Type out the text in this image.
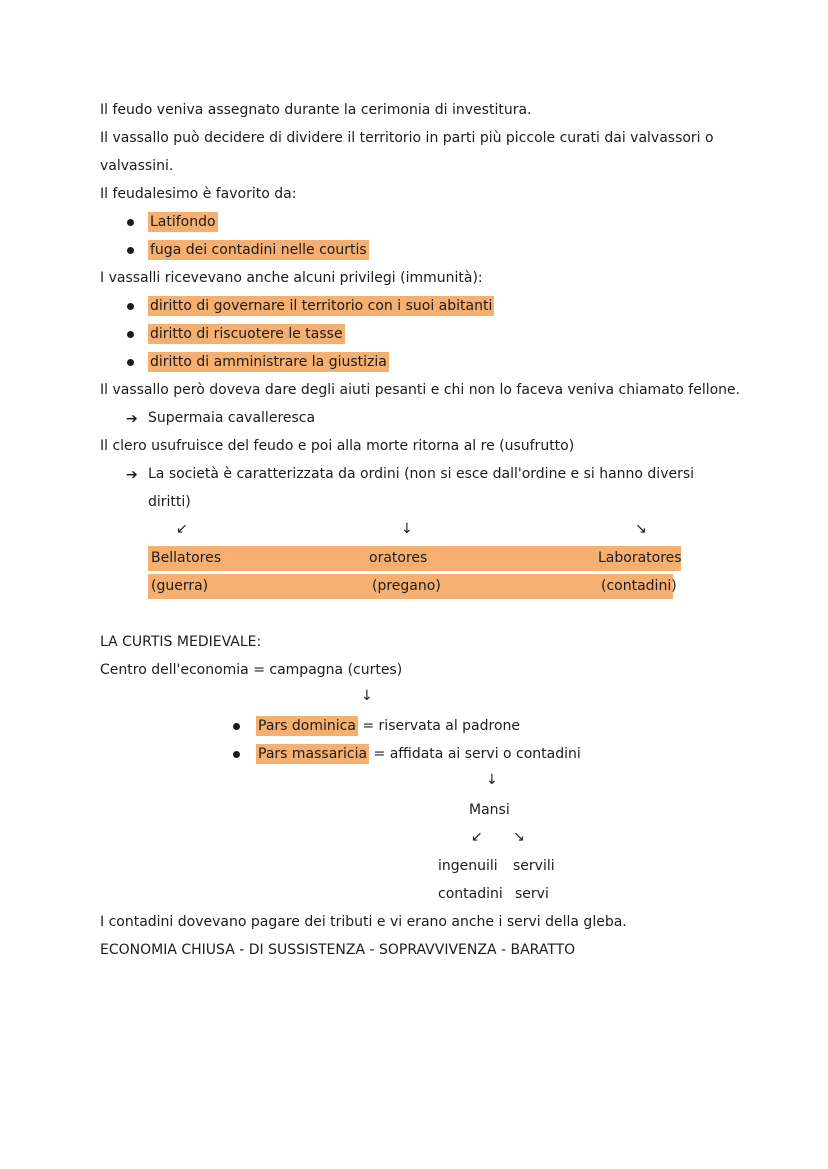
Il feudo veniva assegnato durante la cerimonia di investitura.
Il vassallo può decidere di dividere il territorio in parti più piccole curati dai valvassori o
valvassini.
Il feudalesimo è favorito da:
Latifondo
fuga dei contadini nelle courtis
I vassalli ricevevano anche alcuni privilegi (immunità):
diritto di governare il territorio con i suoi abitanti
diritto di riscuotere le tasse
diritto di amministrare la giustizia
Il vassallo però doveva dare degli aiuti pesanti e chi non lo faceva veniva chiamato fellone.
➔ Supermaia cavalleresca
Il clero usufruisce del feudo e poi alla morte ritorna al re (usufrutto)
➔ La società è caratterizzata da ordini (non si esce dall'ordine e si hanno diversi
diritti)
↙	↓	↘
Bellatores	oratores	Laboratores
(guerra)	(pregano)	(contadini)
LA CURTIS MEDIEVALE:
Centro dell'economia = campagna (curtes)
↓
Pars dominica = riservata al padrone
Pars massaricia = affidata ai servi o contadini
↓
Mansi
↙ ↘
ingenuili servili
contadini servi
I contadini dovevano pagare dei tributi e vi erano anche i servi della gleba.
ECONOMIA CHIUSA - DI SUSSISTENZA - SOPRAVVIVENZA - BARATTO
